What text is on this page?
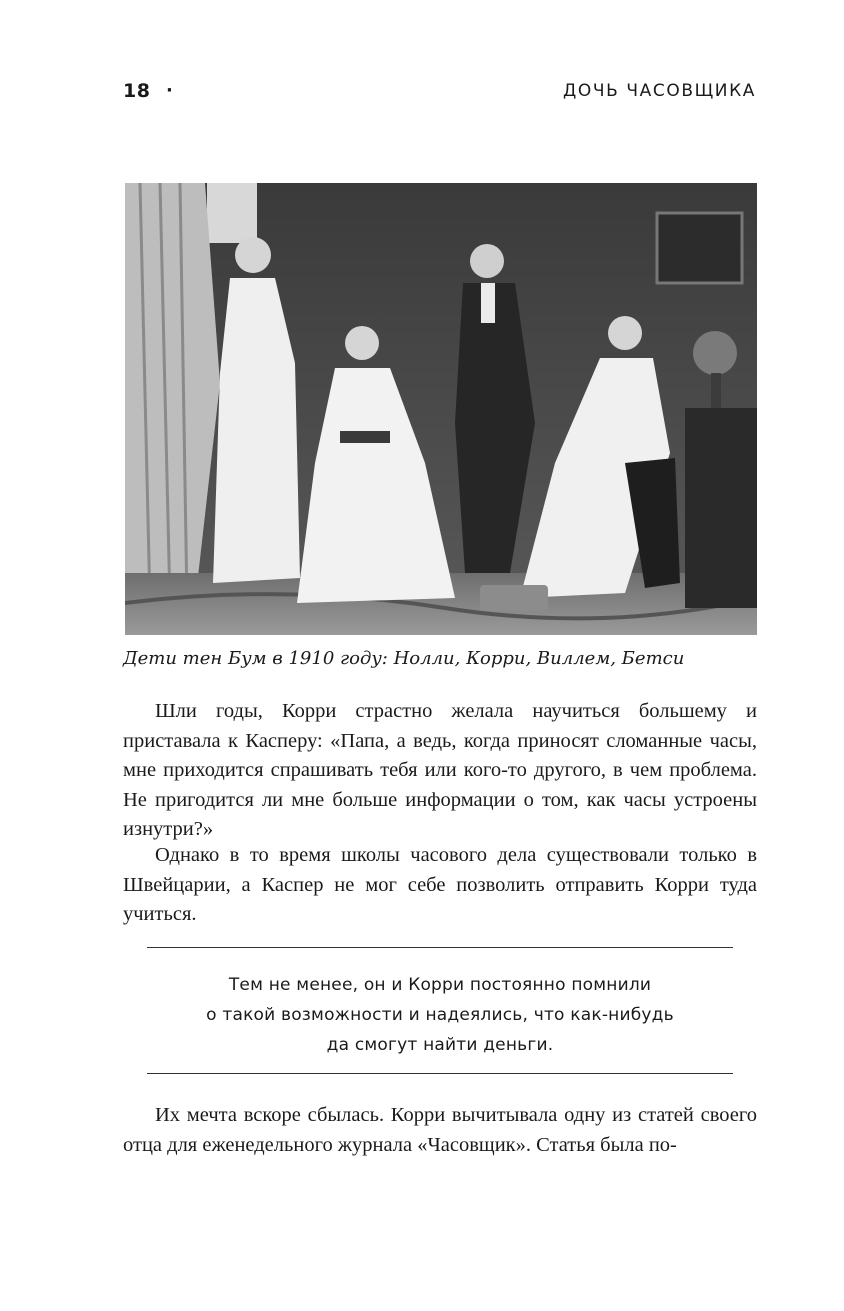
18 ·	ДОЧЬ ЧАСОВЩИКА
Дети тен Бум в 1910 году: Нолли, Корри, Виллем, Бетси

Шли годы, Корри страстно желала научиться большему и приставала к Касперу: «Папа, а ведь, когда приносят сломанные часы, мне приходится спрашивать тебя или кого-то другого, в чем проблема. Не пригодится ли мне больше информации о том, как часы устроены изнутри?»

Однако в то время школы часового дела существовали только в Швейцарии, а Каспер не мог себе позволить отправить Корри туда учиться.

Тем не менее, он и Корри постоянно помнили
о такой возможности и надеялись, что как-нибудь
да смогут найти деньги.

Их мечта вскоре сбылась. Корри вычитывала одну из статей своего отца для еженедельного журнала «Часовщик». Статья была по-
